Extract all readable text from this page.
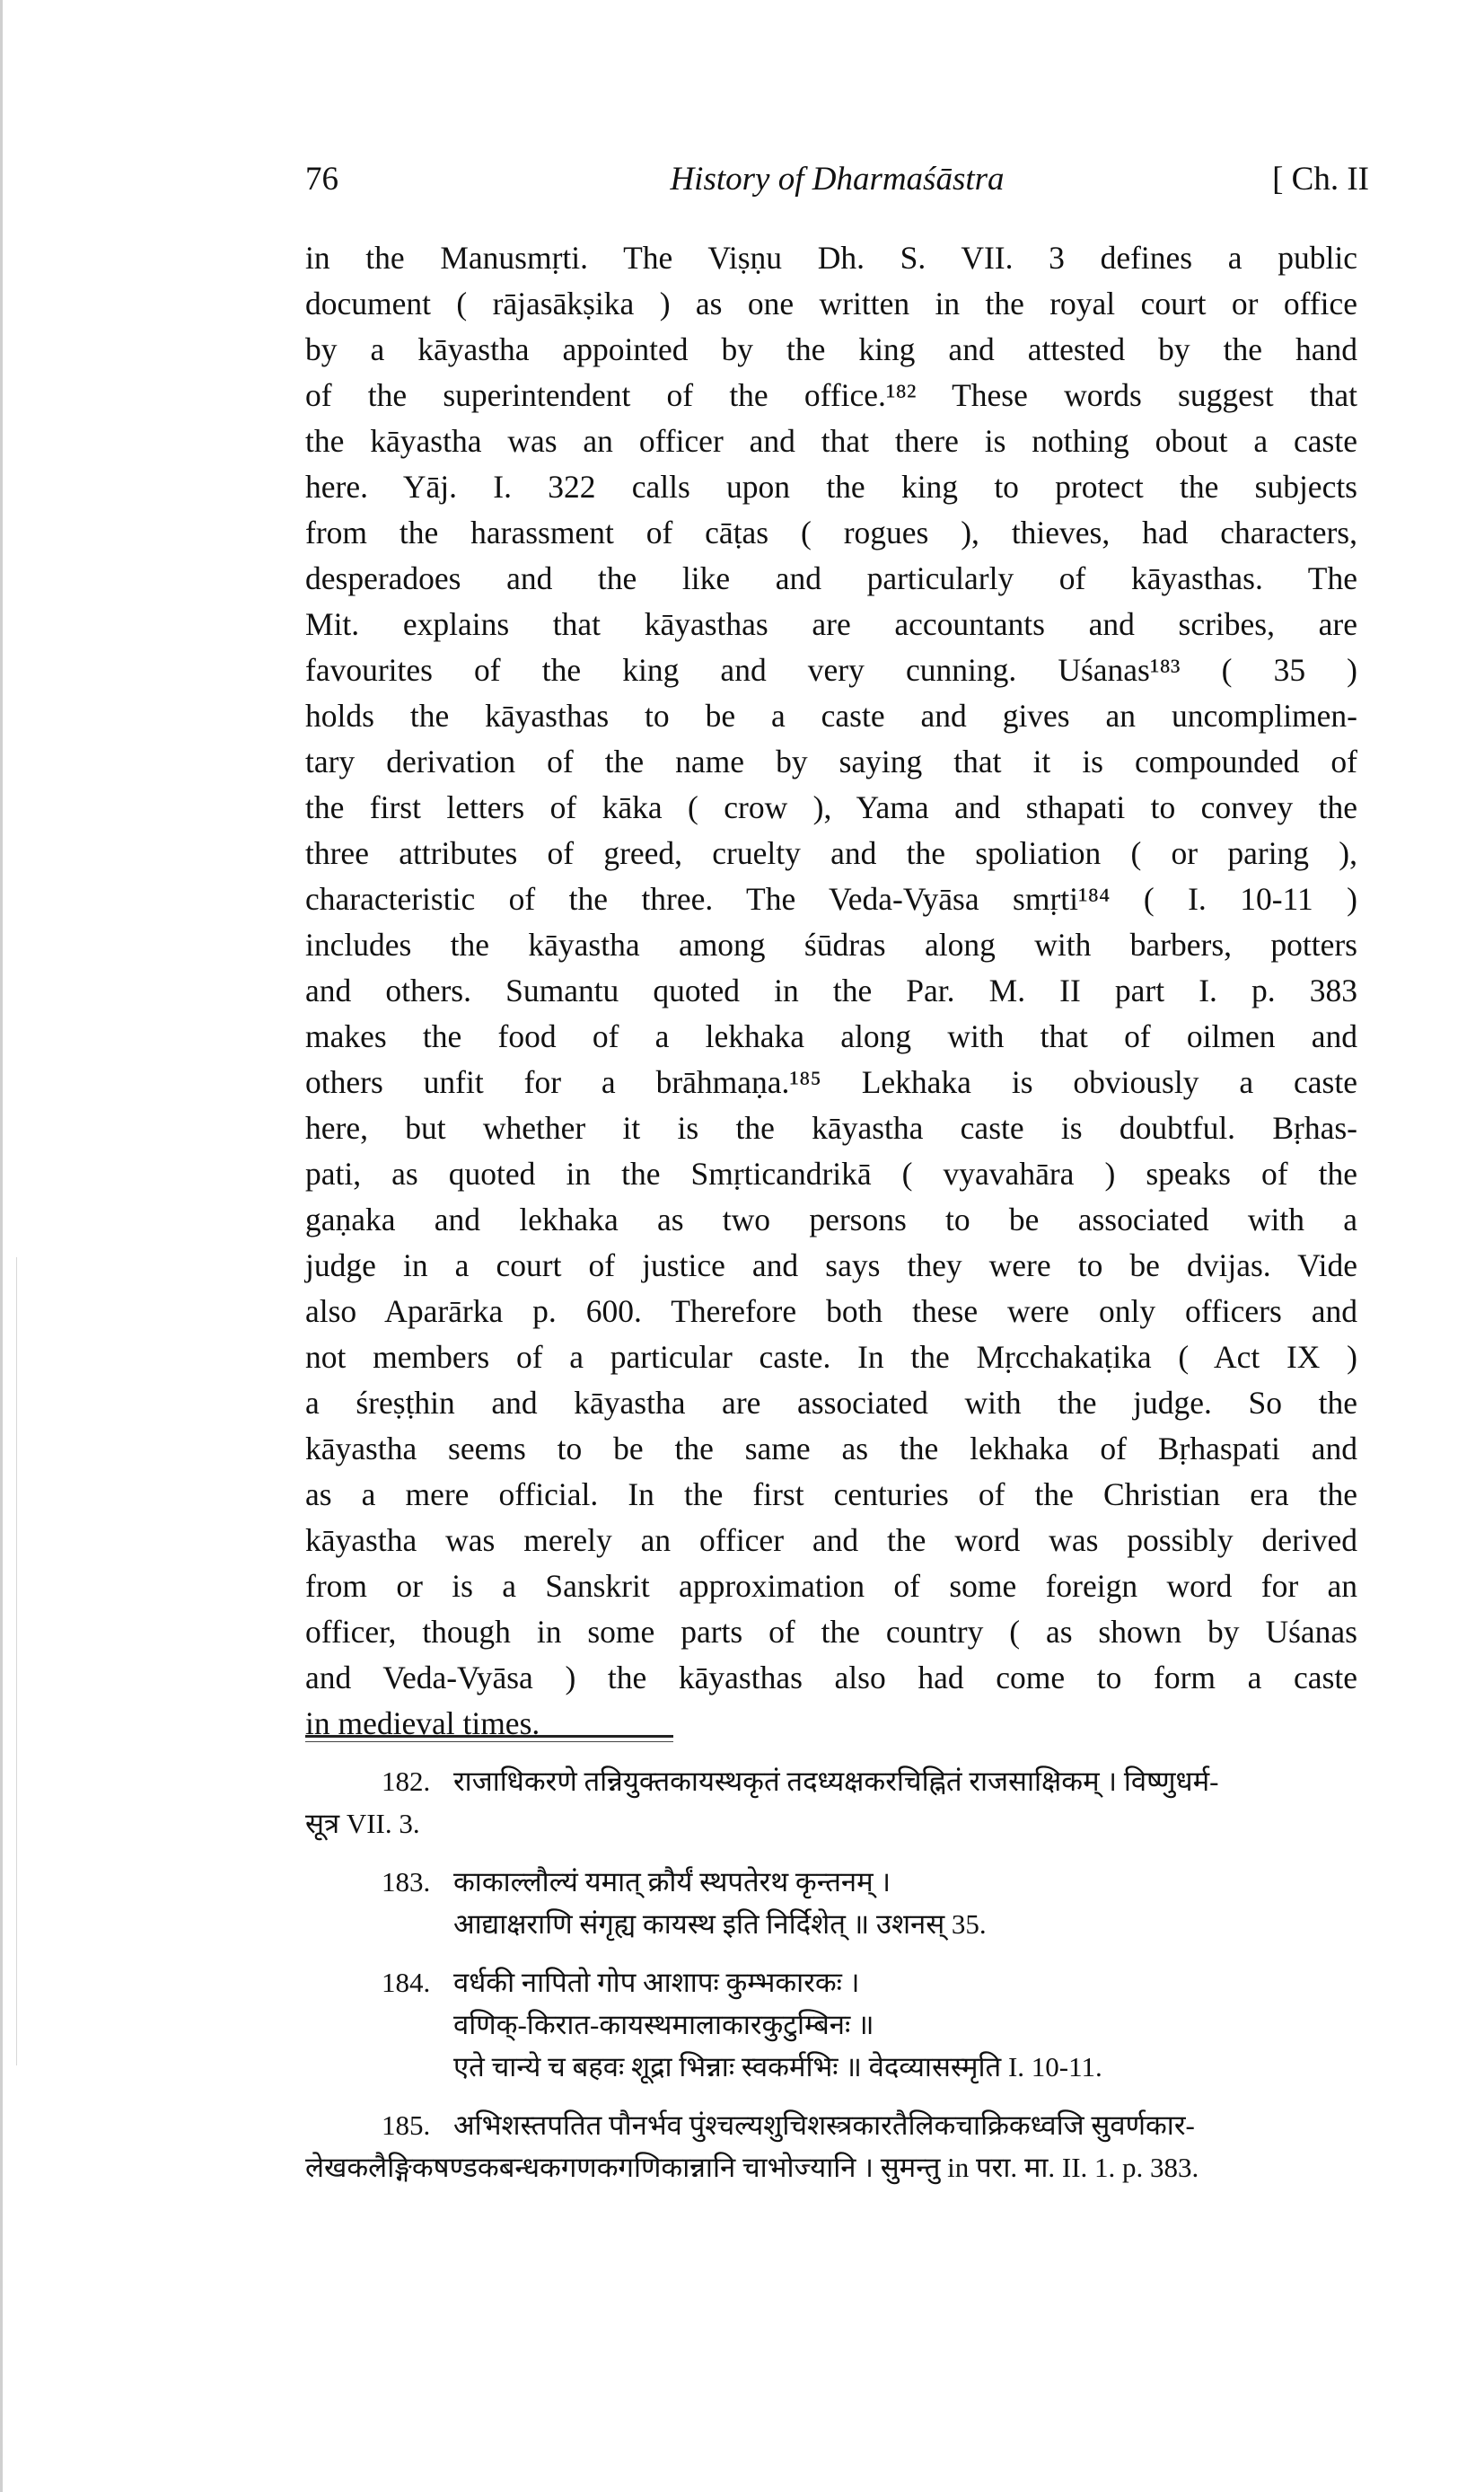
76	History of Dharmaśāstra	[ Ch. II
in the Manusmṛti. The Viṣṇu Dh. S. VII. 3 defines a public
document ( rājasākṣika ) as one written in the royal court or office
by a kāyastha appointed by the king and attested by the hand
of the superintendent of the office.¹⁸² These words suggest that
the kāyastha was an officer and that there is nothing obout a caste
here. Yāj. I. 322 calls upon the king to protect the subjects
from the harassment of cāṭas ( rogues ), thieves, had characters,
desperadoes and the like and particularly of kāyasthas. The
Mit. explains that kāyasthas are accountants and scribes, are
favourites of the king and very cunning. Uśanas¹⁸³ ( 35 )
holds the kāyasthas to be a caste and gives an uncomplimen-
tary derivation of the name by saying that it is compounded of
the first letters of kāka ( crow ), Yama and sthapati to convey the
three attributes of greed, cruelty and the spoliation ( or paring ),
characteristic of the three. The Veda-Vyāsa smṛti¹⁸⁴ ( I. 10-11 )
includes the kāyastha among śūdras along with barbers, potters
and others. Sumantu quoted in the Par. M. II part I. p. 383
makes the food of a lekhaka along with that of oilmen and
others unfit for a brāhmaṇa.¹⁸⁵ Lekhaka is obviously a caste
here, but whether it is the kāyastha caste is doubtful. Bṛhas-
pati, as quoted in the Smṛticandrikā ( vyavahāra ) speaks of the
gaṇaka and lekhaka as two persons to be associated with a
judge in a court of justice and says they were to be dvijas. Vide
also Aparārka p. 600. Therefore both these were only officers and
not members of a particular caste. In the Mṛcchakaṭika ( Act IX )
a śreṣṭhin and kāyastha are associated with the judge. So the
kāyastha seems to be the same as the lekhaka of Bṛhaspati and
as a mere official. In the first centuries of the Christian era the
kāyastha was merely an officer and the word was possibly derived
from or is a Sanskrit approximation of some foreign word for an
officer, though in some parts of the country ( as shown by Uśanas
and Veda-Vyāsa ) the kāyasthas also had come to form a caste
in medieval times.
182. राजाधिकरणे तन्नियुक्तकायस्थकृतं तदध्यक्षकरचिह्नितं राजसाक्षिकम् । विष्णुधर्म-
सूत्र VII. 3.
183. काकाल्लौल्यं यमात् क्रौर्यं स्थपतेरथ कृन्तनम् ।
आद्याक्षराणि संगृह्य कायस्थ इति निर्दिशेत् ॥ उशनस् 35.
184. वर्धकी नापितो गोप आशापः कुम्भकारकः ।
वणिक्-किरात-कायस्थमालाकारकुटुम्बिनः ॥
एते चान्ये च बहवः शूद्रा भिन्नाः स्वकर्मभिः ॥ वेदव्यासस्मृति I. 10-11.
185. अभिशस्तपतित पौनर्भव पुंश्चल्यशुचिशस्त्रकारतैलिकचाक्रिकध्वजि सुवर्णकार-
लेखकलैङ्गिकषण्डकबन्धकगणकगणिकान्नानि चाभोज्यानि । सुमन्तु in परा. मा. II. 1. p. 383.
